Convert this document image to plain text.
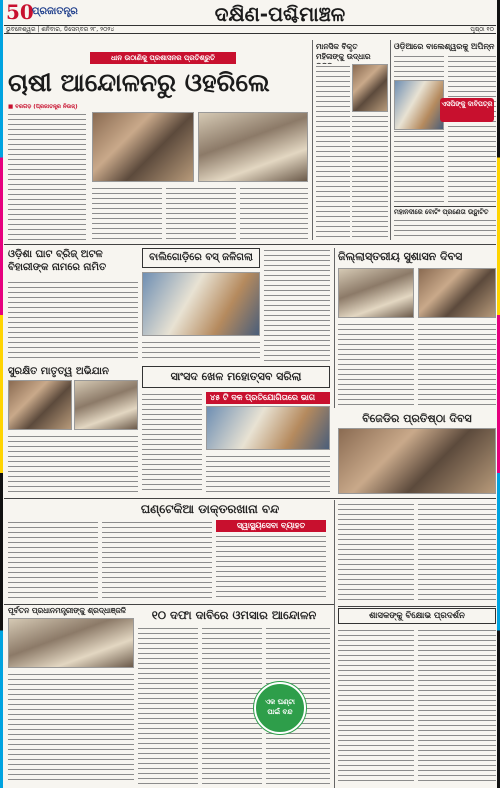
50
ପ୍ରଜାତନ୍ତ୍ର	ଦକ୍ଷିଣ-ପଶ୍ଚିମାଞ୍ଚଳ
ଭୁବନେଶ୍ୱର | ଶନିବାର, ଡିସେମ୍ବର ୨୮, ୨୦୨୪	ପୃଷ୍ଠା ୧୦
ଧାନ ଉଠାଣିକୁ ପ୍ରଶାସନର ପ୍ରତିଶ୍ରୁତି
ଚାଷୀ ଆନ୍ଦୋଳନରୁ ଓହରିଲେ
■ ବରଗଡ଼ (ପ୍ରଜାତନ୍ତ୍ର ନିଉଜ୍)
ମାନସିକ ବିକୃତ ମହିଳାଙ୍କୁ ଉଦ୍ଧାର
ଓଡ଼ିଆରେ ବାଲେଶ୍ୱରକୁ ଅପିନ୍ନ
ଏସପିଙ୍କୁ ଦାବିପତ୍ର
ମହାନଦୀରେ ବୋଟିଂ ପ୍ରଣେତା ଉଦ୍ଘାଟିତ
ଓଡ଼ିଶା ଘାଟ ବ୍ରିଜ୍ ଅଟଳ ବିହାରୀଙ୍କ ନାମରେ ନାମିତ
ବାଲିଗୋଡ଼ିରେ ବସ୍ ଜଳିଗଲା	ଜିଲ୍ଲାସ୍ତରୀୟ ସୁଶାସନ ଦିବସ
ସୁରକ୍ଷିତ ମାତୃତ୍ୱ ଅଭିଯାନ	ସାଂସଦ ଖେଳ ମହୋତ୍ସବ ସରିଲା
୪୫ ଟି ଦଳ ପ୍ରତିଯୋଗିତାରେ ଭାଗ
ବିଜେଡିର ପ୍ରତିଷ୍ଠା ଦିବସ
ଘଣ୍ଟେକିଆ ଡାକ୍ତରଖାନା ବନ୍ଦ
ସ୍ୱାସ୍ଥ୍ୟସେବା ବ୍ୟାହତ
ପୂର୍ବତନ ପ୍ରଧାନମନ୍ତ୍ରୀଙ୍କୁ ଶ୍ରଦ୍ଧାଞ୍ଜଳି	୧୦ ଦଫା ଦାବିରେ ଓମସାର ଆନ୍ଦୋଳନ
ଏକ ଘଣ୍ଟା ପାଇଁ ବନ୍ଦ
ଶାସକଙ୍କୁ ବିକ୍ଷୋଭ ପ୍ରଦର୍ଶନ
